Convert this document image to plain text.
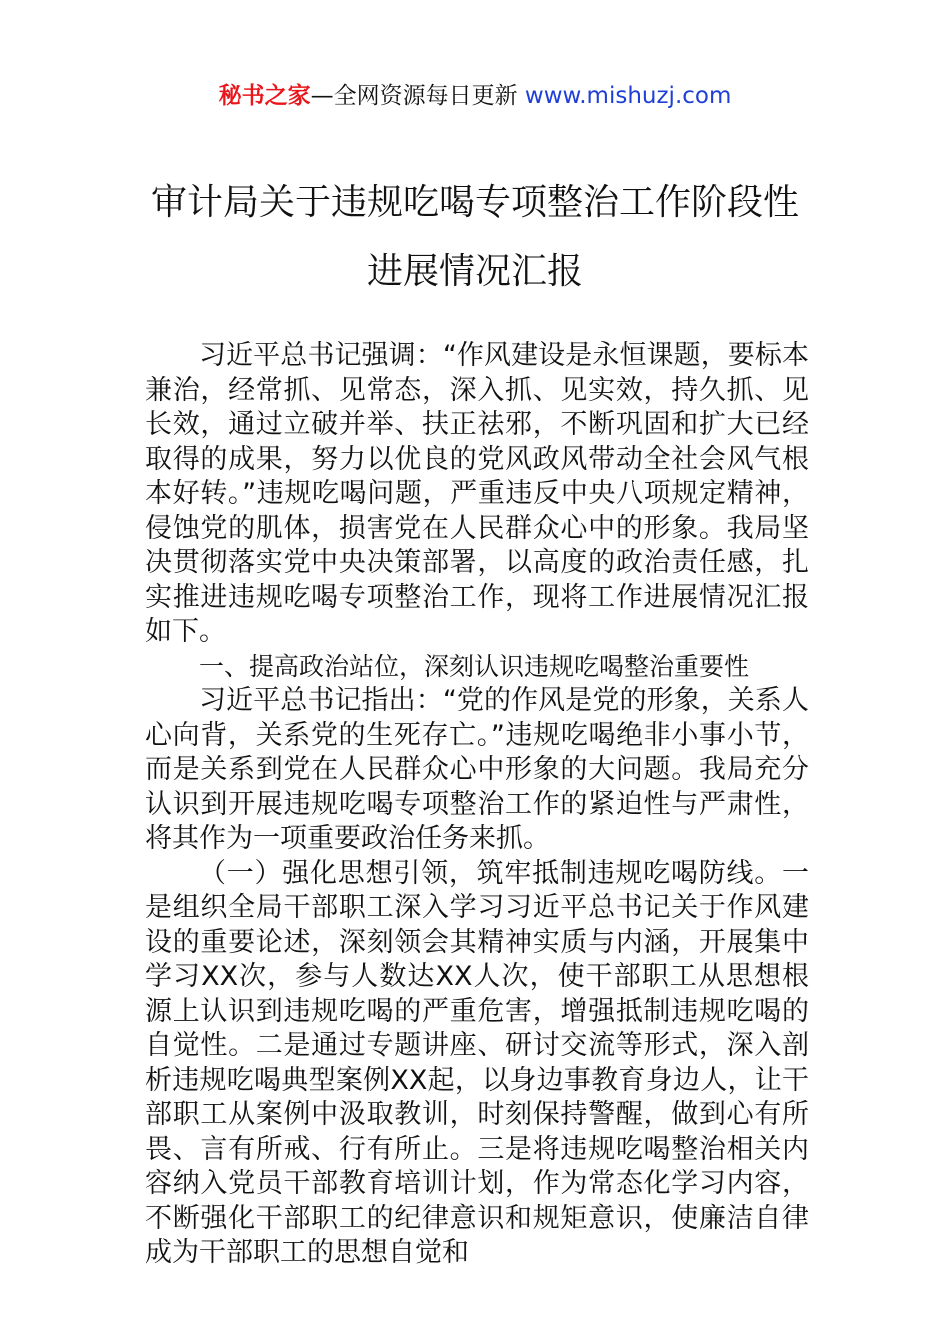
秘书之家—全网资源每日更新 www.mishuzj.com
审计局关于违规吃喝专项整治工作阶段性
进展情况汇报

习近平总书记强调：“作风建设是永恒课题，要标本兼治，经常抓、见常态，深入抓、见实效，持久抓、见长效，通过立破并举、扶正祛邪，不断巩固和扩大已经取得的成果，努力以优良的党风政风带动全社会风气根本好转。”违规吃喝问题，严重违反中央八项规定精神，侵蚀党的肌体，损害党在人民群众心中的形象。我局坚决贯彻落实党中央决策部署，以高度的政治责任感，扎实推进违规吃喝专项整治工作，现将工作进展情况汇报如下。

一、提高政治站位，深刻认识违规吃喝整治重要性

习近平总书记指出：“党的作风是党的形象，关系人心向背，关系党的生死存亡。”违规吃喝绝非小事小节，而是关系到党在人民群众心中形象的大问题。我局充分认识到开展违规吃喝专项整治工作的紧迫性与严肃性，将其作为一项重要政治任务来抓。

（一）强化思想引领，筑牢抵制违规吃喝防线。一是组织全局干部职工深入学习习近平总书记关于作风建设的重要论述，深刻领会其精神实质与内涵，开展集中学习XX次，参与人数达XX人次，使干部职工从思想根源上认识到违规吃喝的严重危害，增强抵制违规吃喝的自觉性。二是通过专题讲座、研讨交流等形式，深入剖析违规吃喝典型案例XX起，以身边事教育身边人，让干部职工从案例中汲取教训，时刻保持警醒，做到心有所畏、言有所戒、行有所止。三是将违规吃喝整治相关内容纳入党员干部教育培训计划，作为常态化学习内容，不断强化干部职工的纪律意识和规矩意识，使廉洁自律成为干部职工的思想自觉和
